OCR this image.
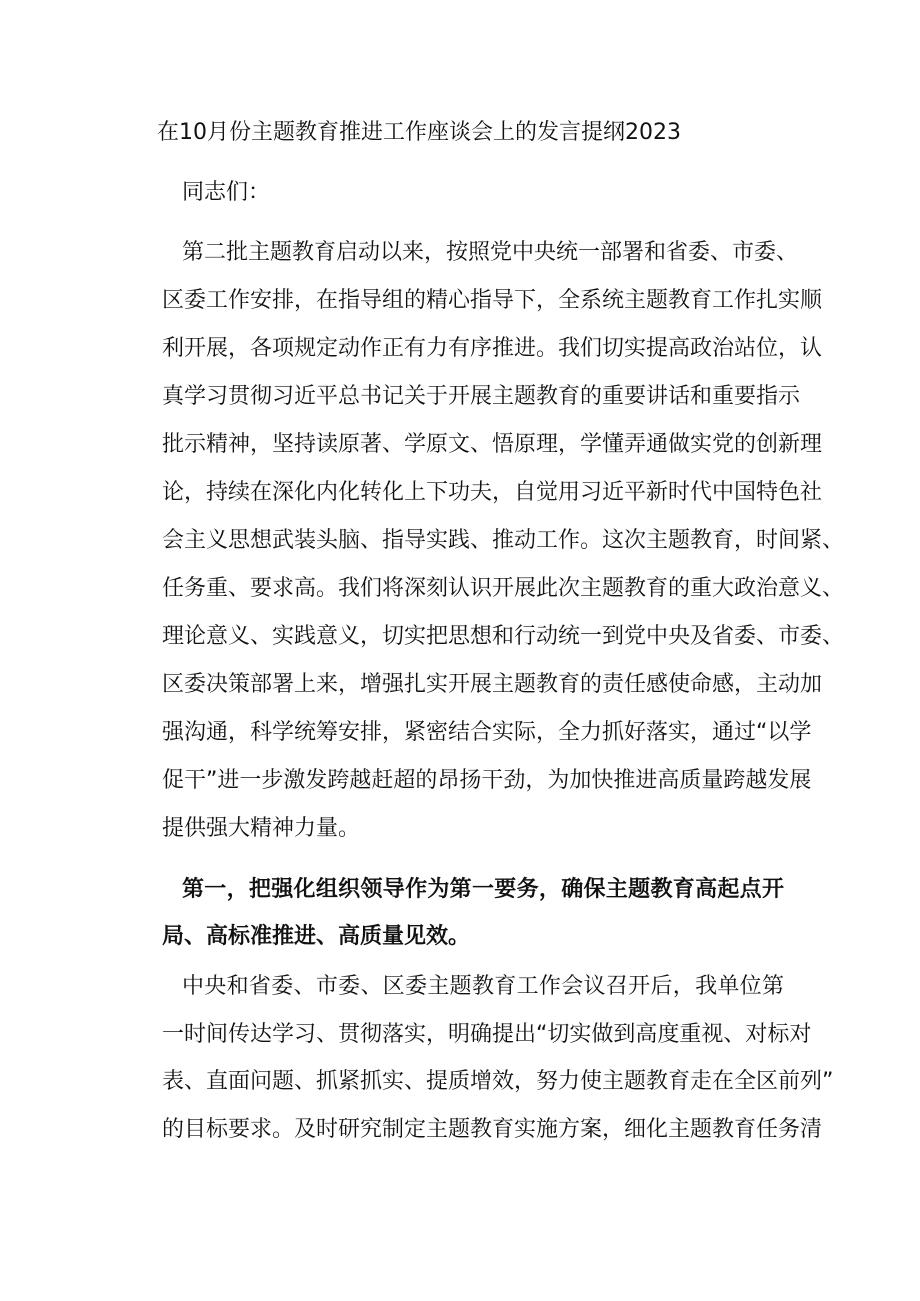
在10月份主题教育推进工作座谈会上的发言提纲2023
同志们：
第二批主题教育启动以来，按照党中央统一部署和省委、市委、
区委工作安排，在指导组的精心指导下，全系统主题教育工作扎实顺
利开展，各项规定动作正有力有序推进。我们切实提高政治站位，认
真学习贯彻习近平总书记关于开展主题教育的重要讲话和重要指示
批示精神，坚持读原著、学原文、悟原理，学懂弄通做实党的创新理
论，持续在深化内化转化上下功夫，自觉用习近平新时代中国特色社
会主义思想武装头脑、指导实践、推动工作。这次主题教育，时间紧、
任务重、要求高。我们将深刻认识开展此次主题教育的重大政治意义、
理论意义、实践意义，切实把思想和行动统一到党中央及省委、市委、
区委决策部署上来，增强扎实开展主题教育的责任感使命感，主动加
强沟通，科学统筹安排，紧密结合实际，全力抓好落实，通过“以学
促干”进一步激发跨越赶超的昂扬干劲，为加快推进高质量跨越发展
提供强大精神力量。
第一，把强化组织领导作为第一要务，确保主题教育高起点开
局、高标准推进、高质量见效。
中央和省委、市委、区委主题教育工作会议召开后，我单位第
一时间传达学习、贯彻落实，明确提出“切实做到高度重视、对标对
表、直面问题、抓紧抓实、提质增效，努力使主题教育走在全区前列”
的目标要求。及时研究制定主题教育实施方案，细化主题教育任务清
